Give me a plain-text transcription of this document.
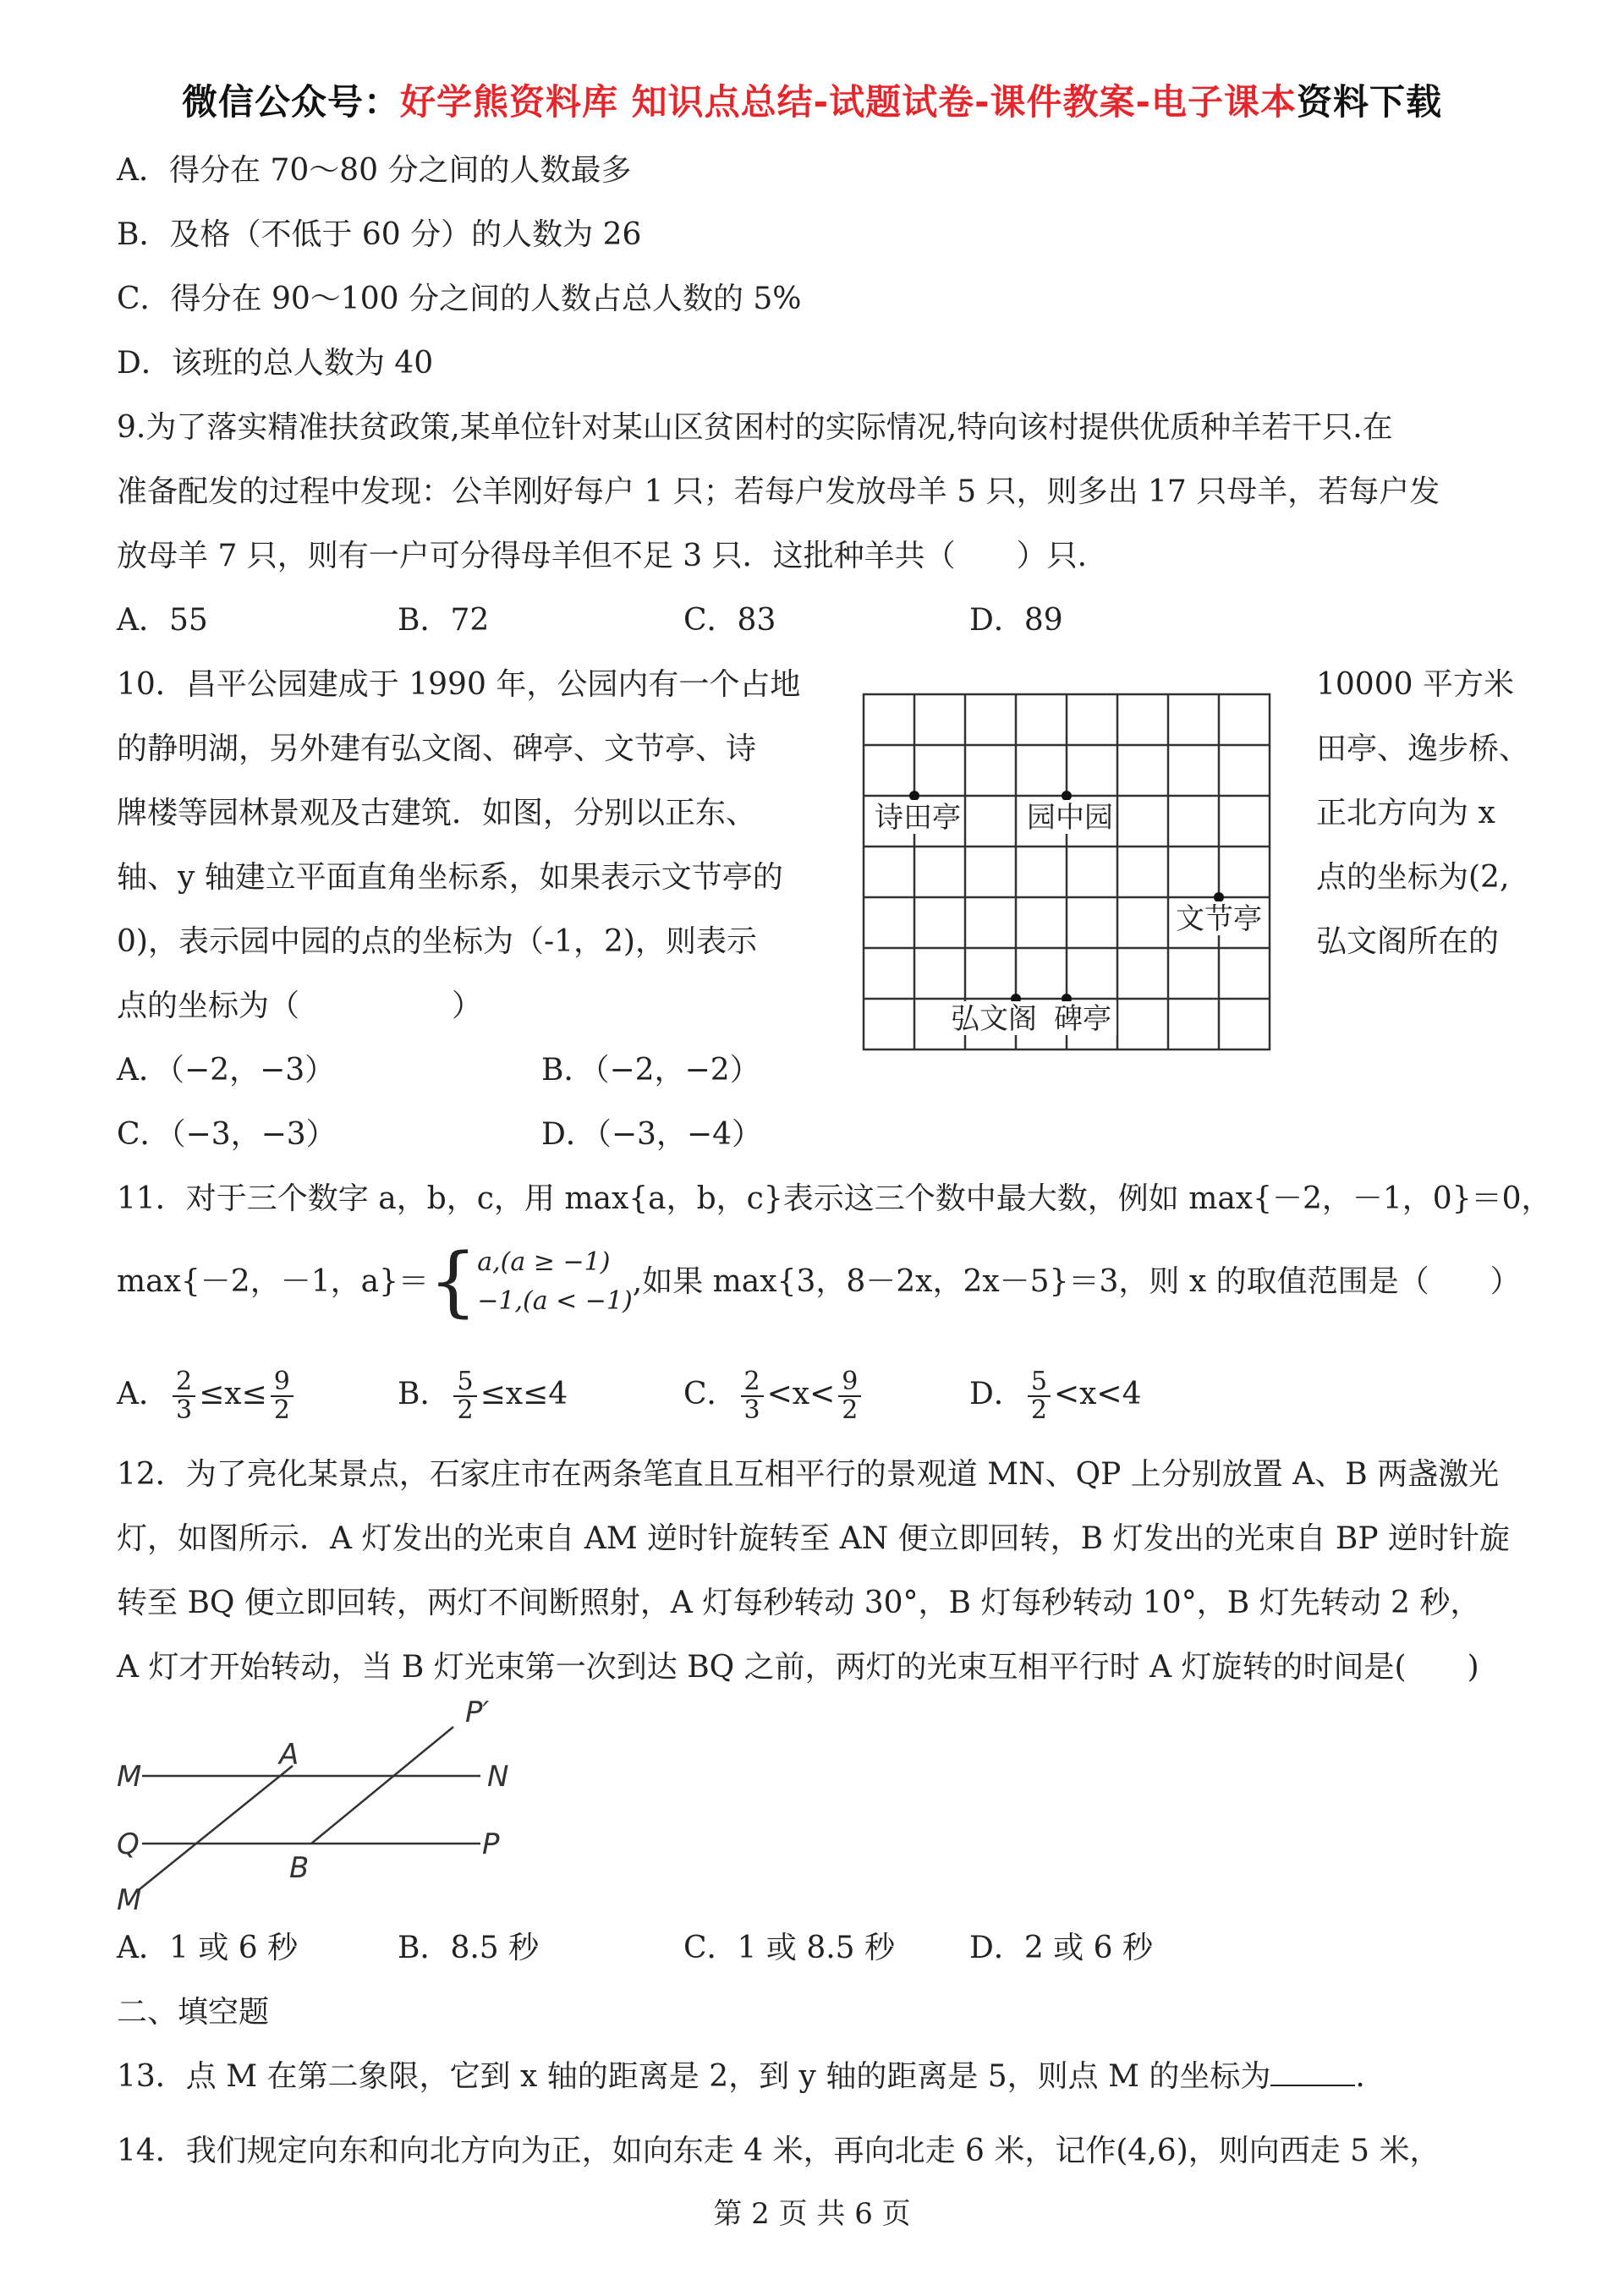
微信公众号：好学熊资料库 知识点总结-试题试卷-课件教案-电子课本资料下载
A．得分在 70～80 分之间的人数最多
B．及格（不低于 60 分）的人数为 26
C．得分在 90～100 分之间的人数占总人数的 5%
D．该班的总人数为 40
9.为了落实精准扶贫政策,某单位针对某山区贫困村的实际情况,特向该村提供优质种羊若干只.在
准备配发的过程中发现：公羊刚好每户 1 只；若每户发放母羊 5 只，则多出 17 只母羊，若每户发
放母羊 7 只，则有一户可分得母羊但不足 3 只．这批种羊共（　　）只.
A．55	B．72	C．83	D．89
10．昌平公园建成于 1990 年，公园内有一个占地
的静明湖，另外建有弘文阁、碑亭、文节亭、诗
牌楼等园林景观及古建筑．如图，分别以正东、
轴、y 轴建立平面直角坐标系，如果表示文节亭的
0)，表示园中园的点的坐标为（-1，2)，则表示
点的坐标为（　　　　　）
10000 平方米
田亭、逸步桥、
正北方向为 x
点的坐标为(2,
弘文阁所在的
诗田亭 园中园
文节亭
弘文阁 碑亭
A．（−2，−3）	B．（−2，−2）
C．（−3，−3）	D．（−3，−4）
11．对于三个数字 a，b，c，用 max{a，b，c}表示这三个数中最大数，例如 max{－2，－1，0}＝0，
max{－2，－1，a}＝{ a,(a ≥ −1)
−1,(a < −1)
,如果 max{3，8－2x，2x－5}＝3，则 x 的取值范围是（　　）
A． $\frac{2}{3} \le x\le \frac{9}{2}$	B． $\frac{5}{2} \le x\le 4$	C． $\frac{2}{3} <x< \frac{9}{2}$	D． $\frac{5}{2} <x<4$
12．为了亮化某景点，石家庄市在两条笔直且互相平行的景观道 MN、QP 上分别放置 A、B 两盏激光
灯，如图所示．A 灯发出的光束自 AM 逆时针旋转至 AN 便立即回转，B 灯发出的光束自 BP 逆时针旋
转至 BQ 便立即回转，两灯不间断照射，A 灯每秒转动 30°，B 灯每秒转动 10°，B 灯先转动 2 秒，
A 灯才开始转动，当 B 灯光束第一次到达 BQ 之前，两灯的光束互相平行时 A 灯旋转的时间是(　　)
P′
M
A
N
Q
B
P
M
A．1 或 6 秒	B．8.5 秒	C．1 或 8.5 秒 D．2 或 6 秒
二、填空题
13．点 M 在第二象限，它到 x 轴的距离是 2，到 y 轴的距离是 5，则点 M 的坐标为	.
14．我们规定向东和向北方向为正，如向东走 4 米，再向北走 6 米，记作(4,6)，则向西走 5 米，
第 2 页 共 6 页
